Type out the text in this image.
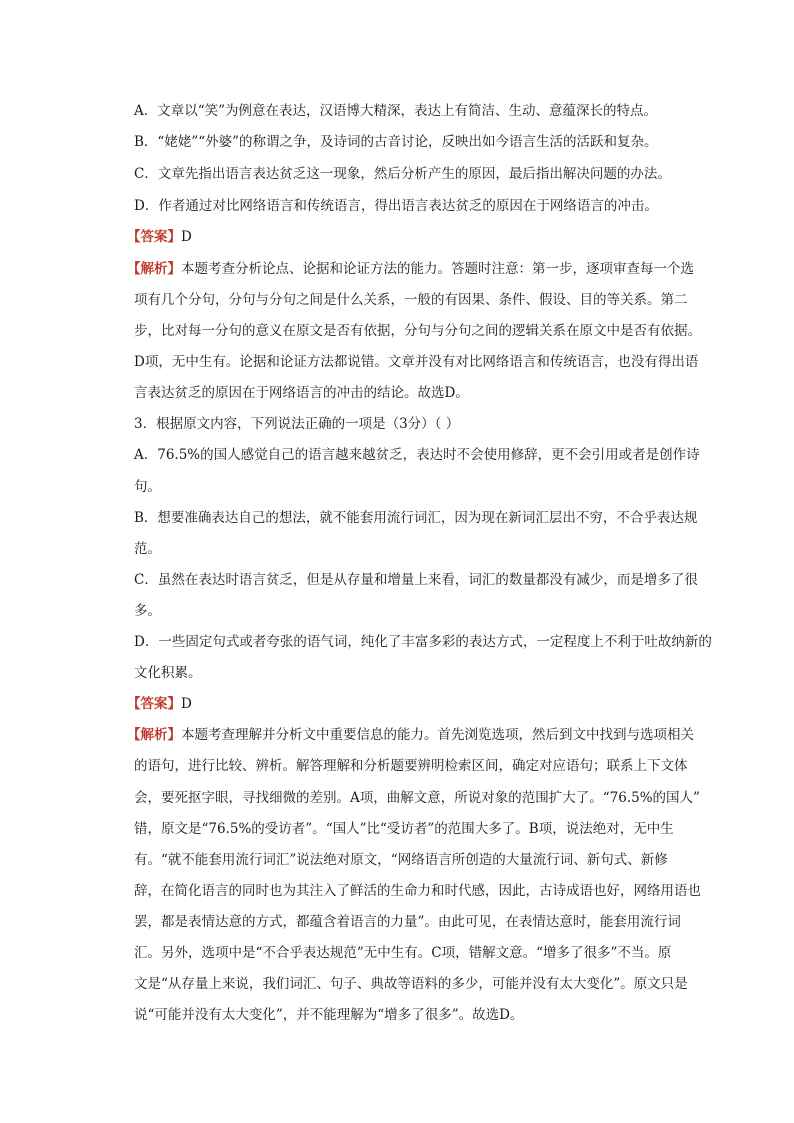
A．文章以“笑”为例意在表达，汉语博大精深，表达上有简洁、生动、意蕴深长的特点。
B．“姥姥”“外婆”的称谓之争，及诗词的古音讨论，反映出如今语言生活的活跃和复杂。
C．文章先指出语言表达贫乏这一现象，然后分析产生的原因，最后指出解决问题的办法。
D．作者通过对比网络语言和传统语言，得出语言表达贫乏的原因在于网络语言的冲击。
【答案】D
【解析】本题考查分析论点、论据和论证方法的能力。答题时注意：第一步，逐项审查每一个选
项有几个分句，分句与分句之间是什么关系，一般的有因果、条件、假设、目的等关系。第二
步，比对每一分句的意义在原文是否有依据，分句与分句之间的逻辑关系在原文中是否有依据。
D项，无中生有。论据和论证方法都说错。文章并没有对比网络语言和传统语言，也没有得出语
言表达贫乏的原因在于网络语言的冲击的结论。故选D。
3．根据原文内容，下列说法正确的一项是（3分）（ ）
A．76.5%的国人感觉自己的语言越来越贫乏，表达时不会使用修辞，更不会引用或者是创作诗
句。
B．想要准确表达自己的想法，就不能套用流行词汇，因为现在新词汇层出不穷，不合乎表达规
范。
C．虽然在表达时语言贫乏，但是从存量和增量上来看，词汇的数量都没有减少，而是增多了很
多。
D．一些固定句式或者夸张的语气词，纯化了丰富多彩的表达方式，一定程度上不利于吐故纳新的
文化积累。
【答案】D
【解析】本题考查理解并分析文中重要信息的能力。首先浏览选项，然后到文中找到与选项相关
的语句，进行比较、辨析。解答理解和分析题要辨明检索区间，确定对应语句；联系上下文体
会，要死抠字眼，寻找细微的差别。A项，曲解文意，所说对象的范围扩大了。“76.5%的国人”
错，原文是“76.5%的受访者”。“国人”比“受访者”的范围大多了。B项，说法绝对，无中生
有。“就不能套用流行词汇”说法绝对原文，“网络语言所创造的大量流行词、新句式、新修
辞，在简化语言的同时也为其注入了鲜活的生命力和时代感，因此，古诗成语也好，网络用语也
罢，都是表情达意的方式，都蕴含着语言的力量”。由此可见，在表情达意时，能套用流行词
汇。另外，选项中是“不合乎表达规范”无中生有。C项，错解文意。“增多了很多”不当。原
文是“从存量上来说，我们词汇、句子、典故等语料的多少，可能并没有太大变化”。原文只是
说“可能并没有太大变化”，并不能理解为“增多了很多”。故选D。
